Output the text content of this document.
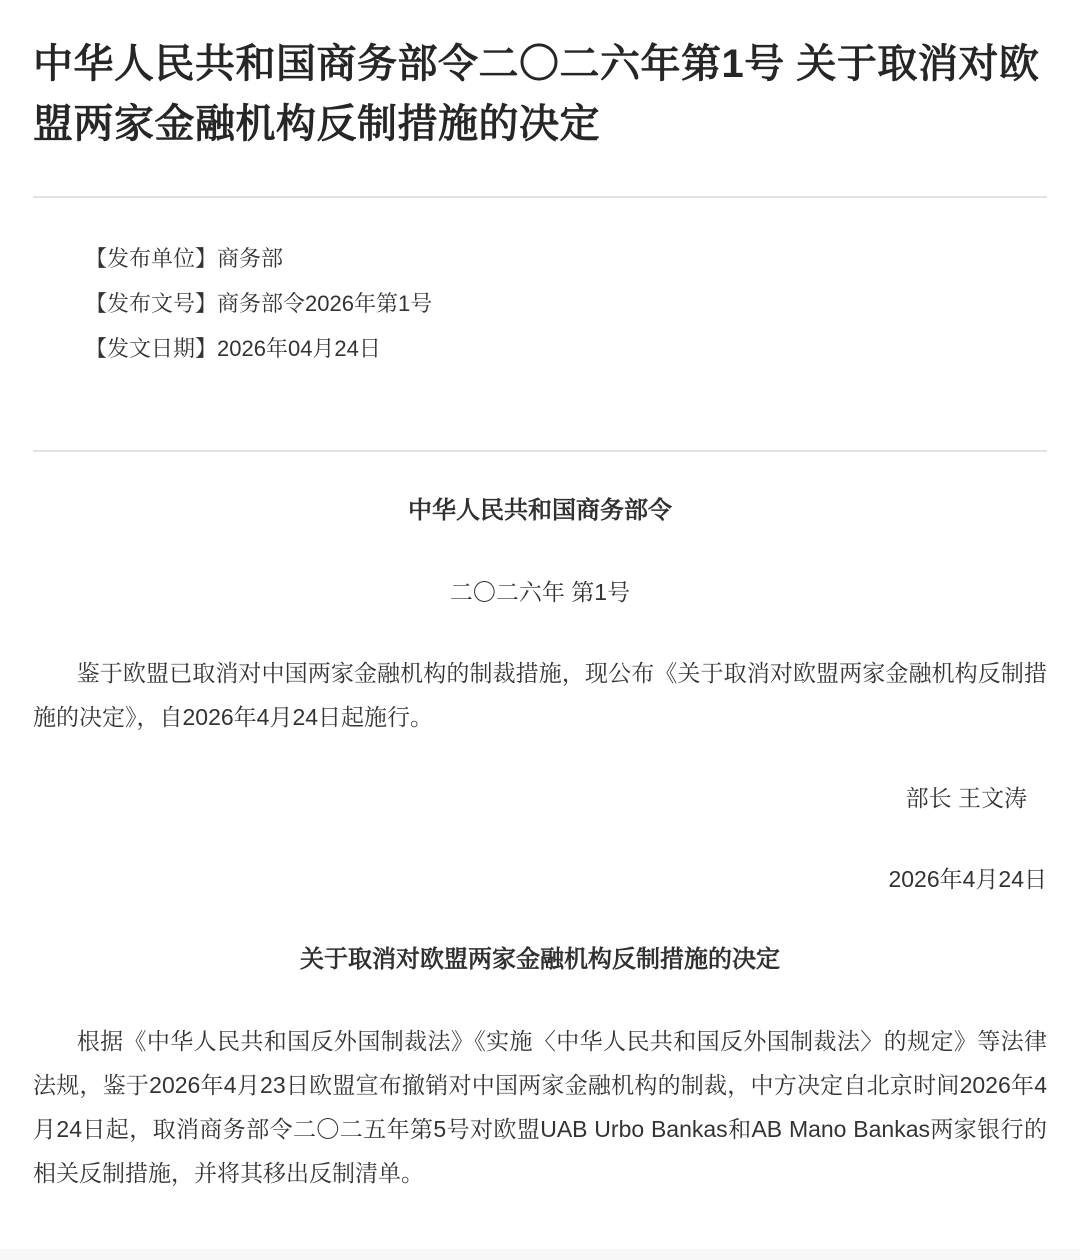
中华人民共和国商务部令二〇二六年第1号 关于取消对欧盟两家金融机构反制措施的决定

【发布单位】商务部

【发布文号】商务部令2026年第1号

【发文日期】2026年04月24日

中华人民共和国商务部令

二〇二六年 第1号

鉴于欧盟已取消对中国两家金融机构的制裁措施，现公布《关于取消对欧盟两家金融机构反制措施的决定》，自2026年4月24日起施行。

部长 王文涛

2026年4月24日

关于取消对欧盟两家金融机构反制措施的决定

根据《中华人民共和国反外国制裁法》《实施〈中华人民共和国反外国制裁法〉的规定》等法律法规，鉴于2026年4月23日欧盟宣布撤销对中国两家金融机构的制裁，中方决定自北京时间2026年4月24日起，取消商务部令二〇二五年第5号对欧盟UAB Urbo Bankas和AB Mano Bankas两家银行的相关反制措施，并将其移出反制清单。
